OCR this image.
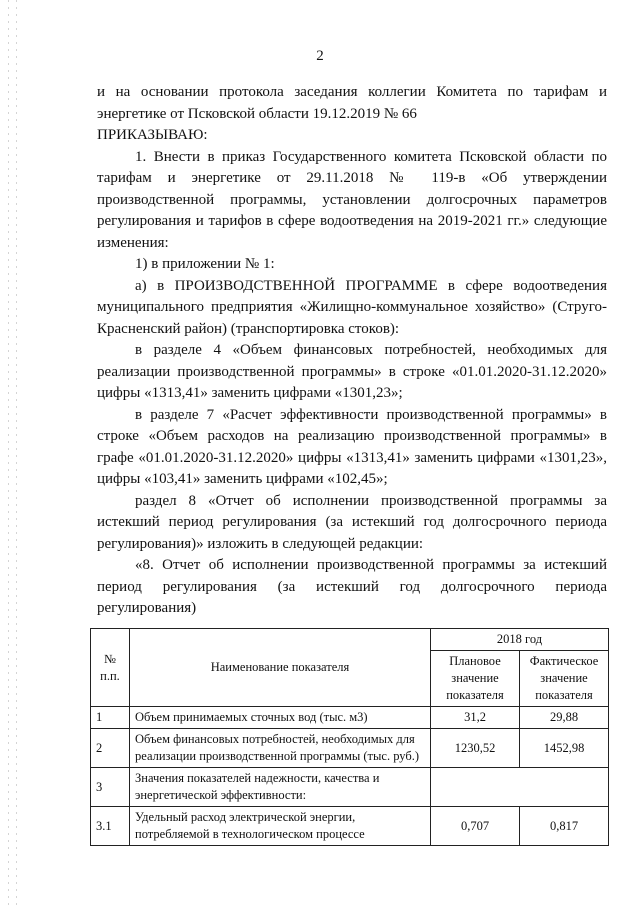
2

и на основании протокола заседания коллегии Комитета по тарифам и энергетике от Псковской области 19.12.2019 № 66

ПРИКАЗЫВАЮ:

1. Внести в приказ Государственного комитета Псковской области по тарифам и энергетике от 29.11.2018 № 119-в «Об утверждении производственной программы, установлении долгосрочных параметров регулирования и тарифов в сфере водоотведения на 2019-2021 гг.» следующие изменения:

1) в приложении № 1:

а) в ПРОИЗВОДСТВЕННОЙ ПРОГРАММЕ в сфере водоотведения муниципального предприятия «Жилищно-коммунальное хозяйство» (Струго-Красненский район) (транспортировка стоков):

в разделе 4 «Объем финансовых потребностей, необходимых для реализации производственной программы» в строке «01.01.2020-31.12.2020» цифры «1313,41» заменить цифрами «1301,23»;

в разделе 7 «Расчет эффективности производственной программы» в строке «Объем расходов на реализацию производственной программы» в графе «01.01.2020-31.12.2020» цифры «1313,41» заменить цифрами «1301,23», цифры «103,41» заменить цифрами «102,45»;

раздел 8 «Отчет об исполнении производственной программы за истекший период регулирования (за истекший год долгосрочного периода регулирования)» изложить в следующей редакции:

«8. Отчет об исполнении производственной программы за истекший период регулирования (за истекший год долгосрочного периода регулирования)

№ п.п.	Наименование показателя	2018 год	
		Плановое значение показателя	Фактическое значение показателя
1	Объем принимаемых сточных вод (тыс. м3)	31,2	29,88
2	Объем финансовых потребностей, необходимых для реализации производственной программы (тыс. руб.)	1230,52	1452,98
3	Значения показателей надежности, качества и энергетической эффективности:		
3.1	Удельный расход электрической энергии, потребляемой в технологическом процессе	0,707	0,817
